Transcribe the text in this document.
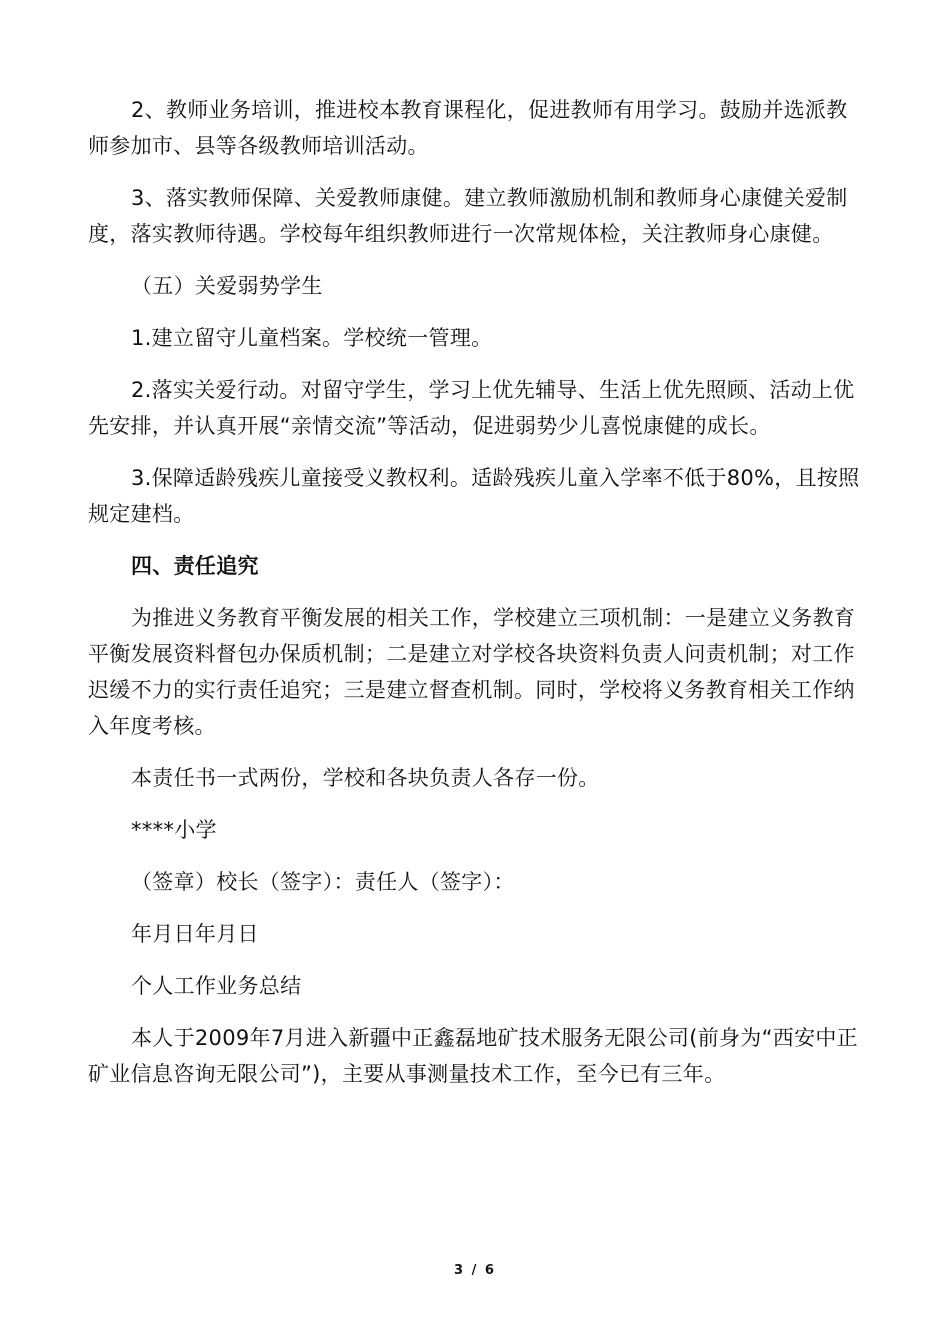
2、教师业务培训，推进校本教育课程化，促进教师有用学习。鼓励并选派教师参加市、县等各级教师培训活动。

3、落实教师保障、关爱教师康健。建立教师激励机制和教师身心康健关爱制度，落实教师待遇。学校每年组织教师进行一次常规体检，关注教师身心康健。

（五）关爱弱势学生

1.建立留守儿童档案。学校统一管理。

2.落实关爱行动。对留守学生，学习上优先辅导、生活上优先照顾、活动上优先安排，并认真开展“亲情交流”等活动，促进弱势少儿喜悦康健的成长。

3.保障适龄残疾儿童接受义教权利。适龄残疾儿童入学率不低于80%，且按照规定建档。

四、责任追究

为推进义务教育平衡发展的相关工作，学校建立三项机制：一是建立义务教育平衡发展资料督包办保质机制；二是建立对学校各块资料负责人问责机制；对工作迟缓不力的实行责任追究；三是建立督查机制。同时，学校将义务教育相关工作纳入年度考核。

本责任书一式两份，学校和各块负责人各存一份。

****小学

（签章）校长（签字）：责任人（签字）：

年月日年月日

个人工作业务总结

本人于2009年7月进入新疆中正鑫磊地矿技术服务无限公司(前身为“西安中正矿业信息咨询无限公司”)，主要从事测量技术工作，至今已有三年。

3 / 6
